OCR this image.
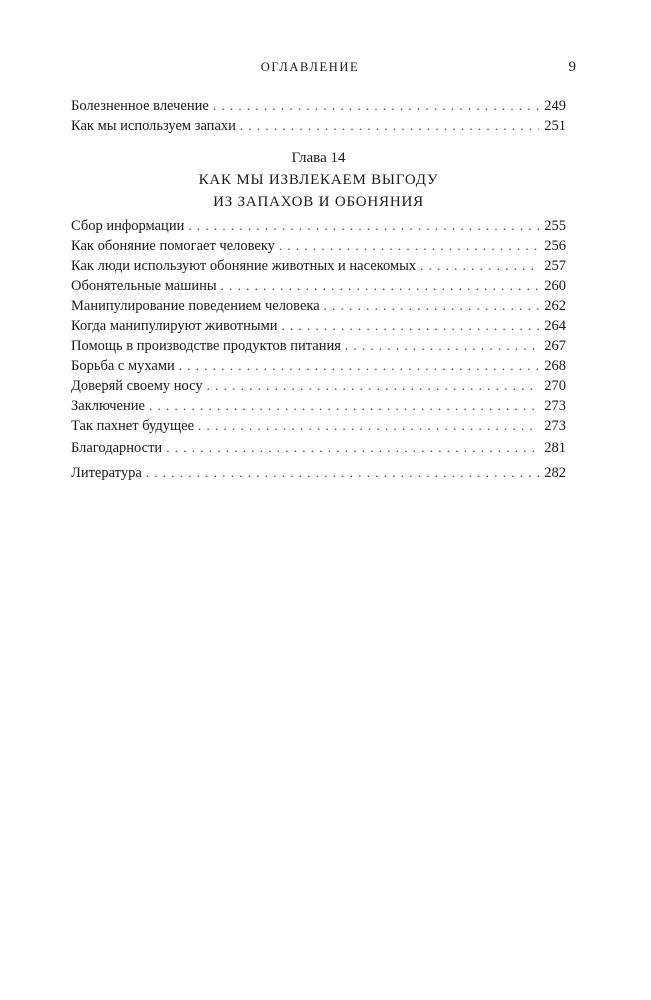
ОГЛАВЛЕНИЕ	9
Болезненное влечение . . .	249
Как мы используем запахи . . .	251
Глава 14
КАК МЫ ИЗВЛЕКАЕМ ВЫГОДУ
ИЗ ЗАПАХОВ И ОБОНЯНИЯ
Сбор информации . . .	255
Как обоняние помогает человеку . . .	256
Как люди используют обоняние животных и насекомых . . .	257
Обонятельные машины . . .	260
Манипулирование поведением человека . . .	262
Когда манипулируют животными . . .	264
Помощь в производстве продуктов питания . . .	267
Борьба с мухами . . .	268
Доверяй своему носу . . .	270
Заключение . . .	273
Так пахнет будущее . . .	273
Благодарности . . .	281
Литература . . .	282
